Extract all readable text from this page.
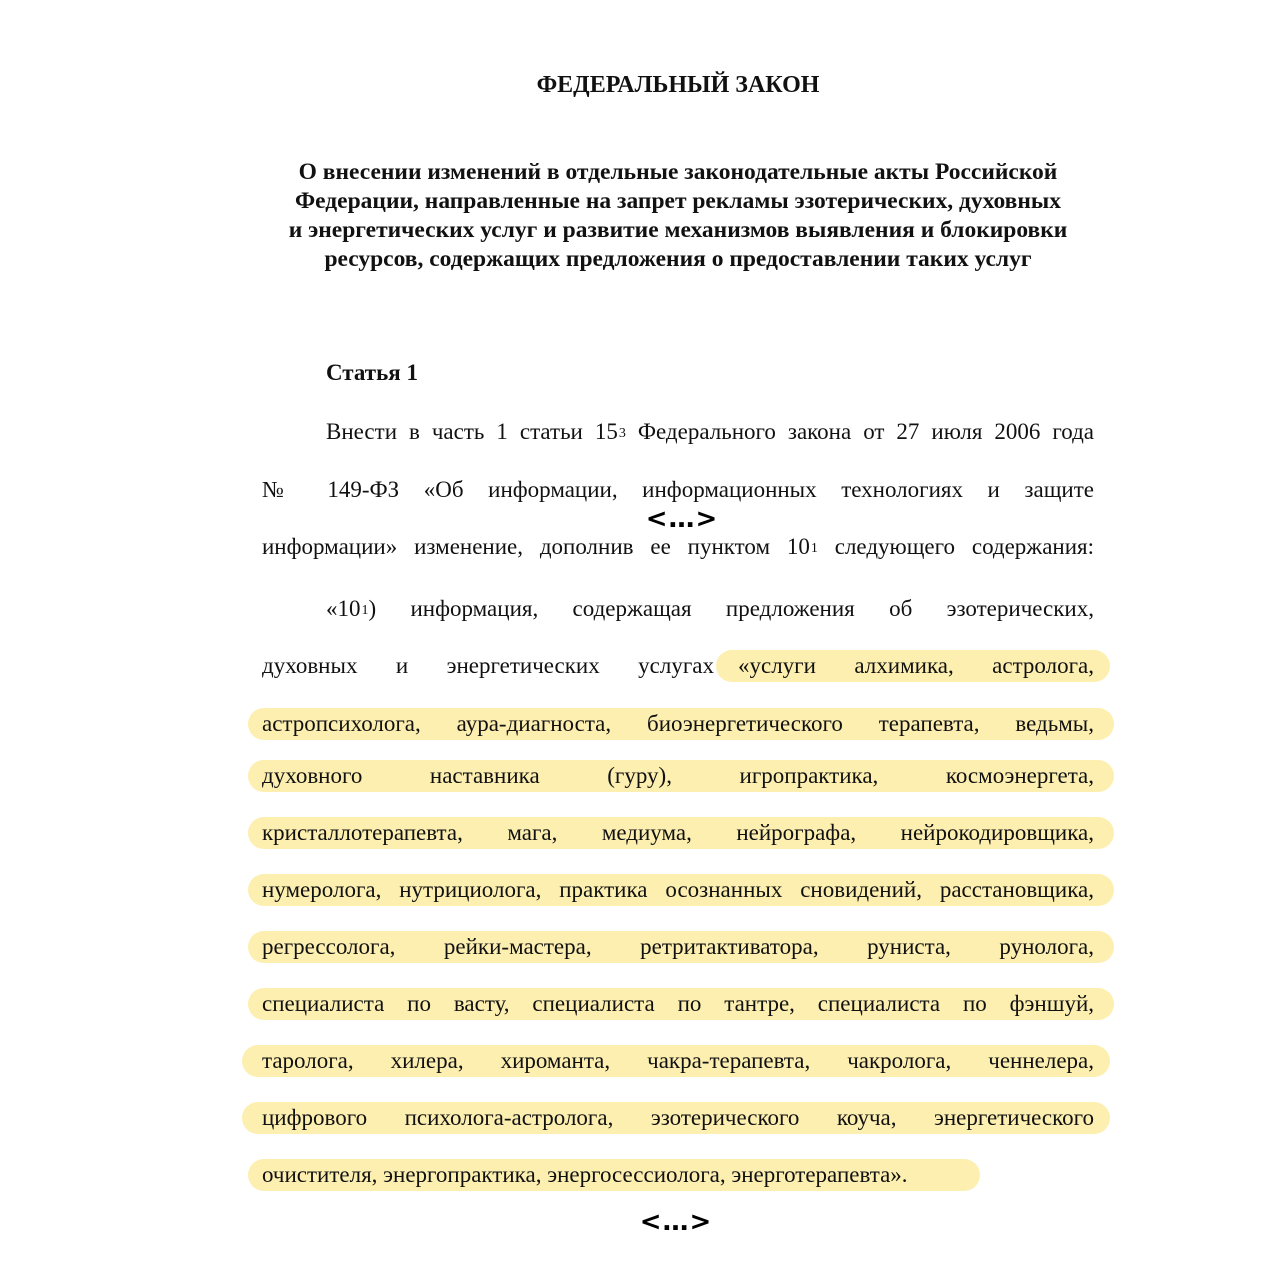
ФЕДЕРАЛЬНЫЙ ЗАКОН
О внесении изменений в отдельные законодательные акты Российской
Федерации, направленные на запрет рекламы эзотерических, духовных
и энергетических услуг и развитие механизмов выявления и блокировки
ресурсов, содержащих предложения о предоставлении таких услуг
Статья 1
Внести в часть 1 статьи $15^3$ Федерального закона от 27 июля 2006 года
№ 149-ФЗ «Об информации, информационных технологиях и защите
<…>
информации» изменение, дополнив ее пунктом $10^1$ следующего содержания:
«$10^1$) информация, содержащая предложения об эзотерических,
духовных и энергетических услугах «услуги алхимика, астролога,
астропсихолога, аура-диагноста, биоэнергетического терапевта, ведьмы,
духовного наставника (гуру), игропрактика, космоэнергета,
кристаллотерапевта, мага, медиума, нейрографа, нейрокодировщика,
нумеролога, нутрициолога, практика осознанных сновидений, расстановщика,
регрессолога, рейки-мастера, ретритактиватора, руниста, рунолога,
специалиста по васту, специалиста по тантре, специалиста по фэншуй,
таролога, хилера, хироманта, чакра-терапевта, чакролога, ченнелера,
цифрового психолога-астролога, эзотерического коуча, энергетического
очистителя, энергопрактика, энергосессиолога, энерготерапевта».
<…>
